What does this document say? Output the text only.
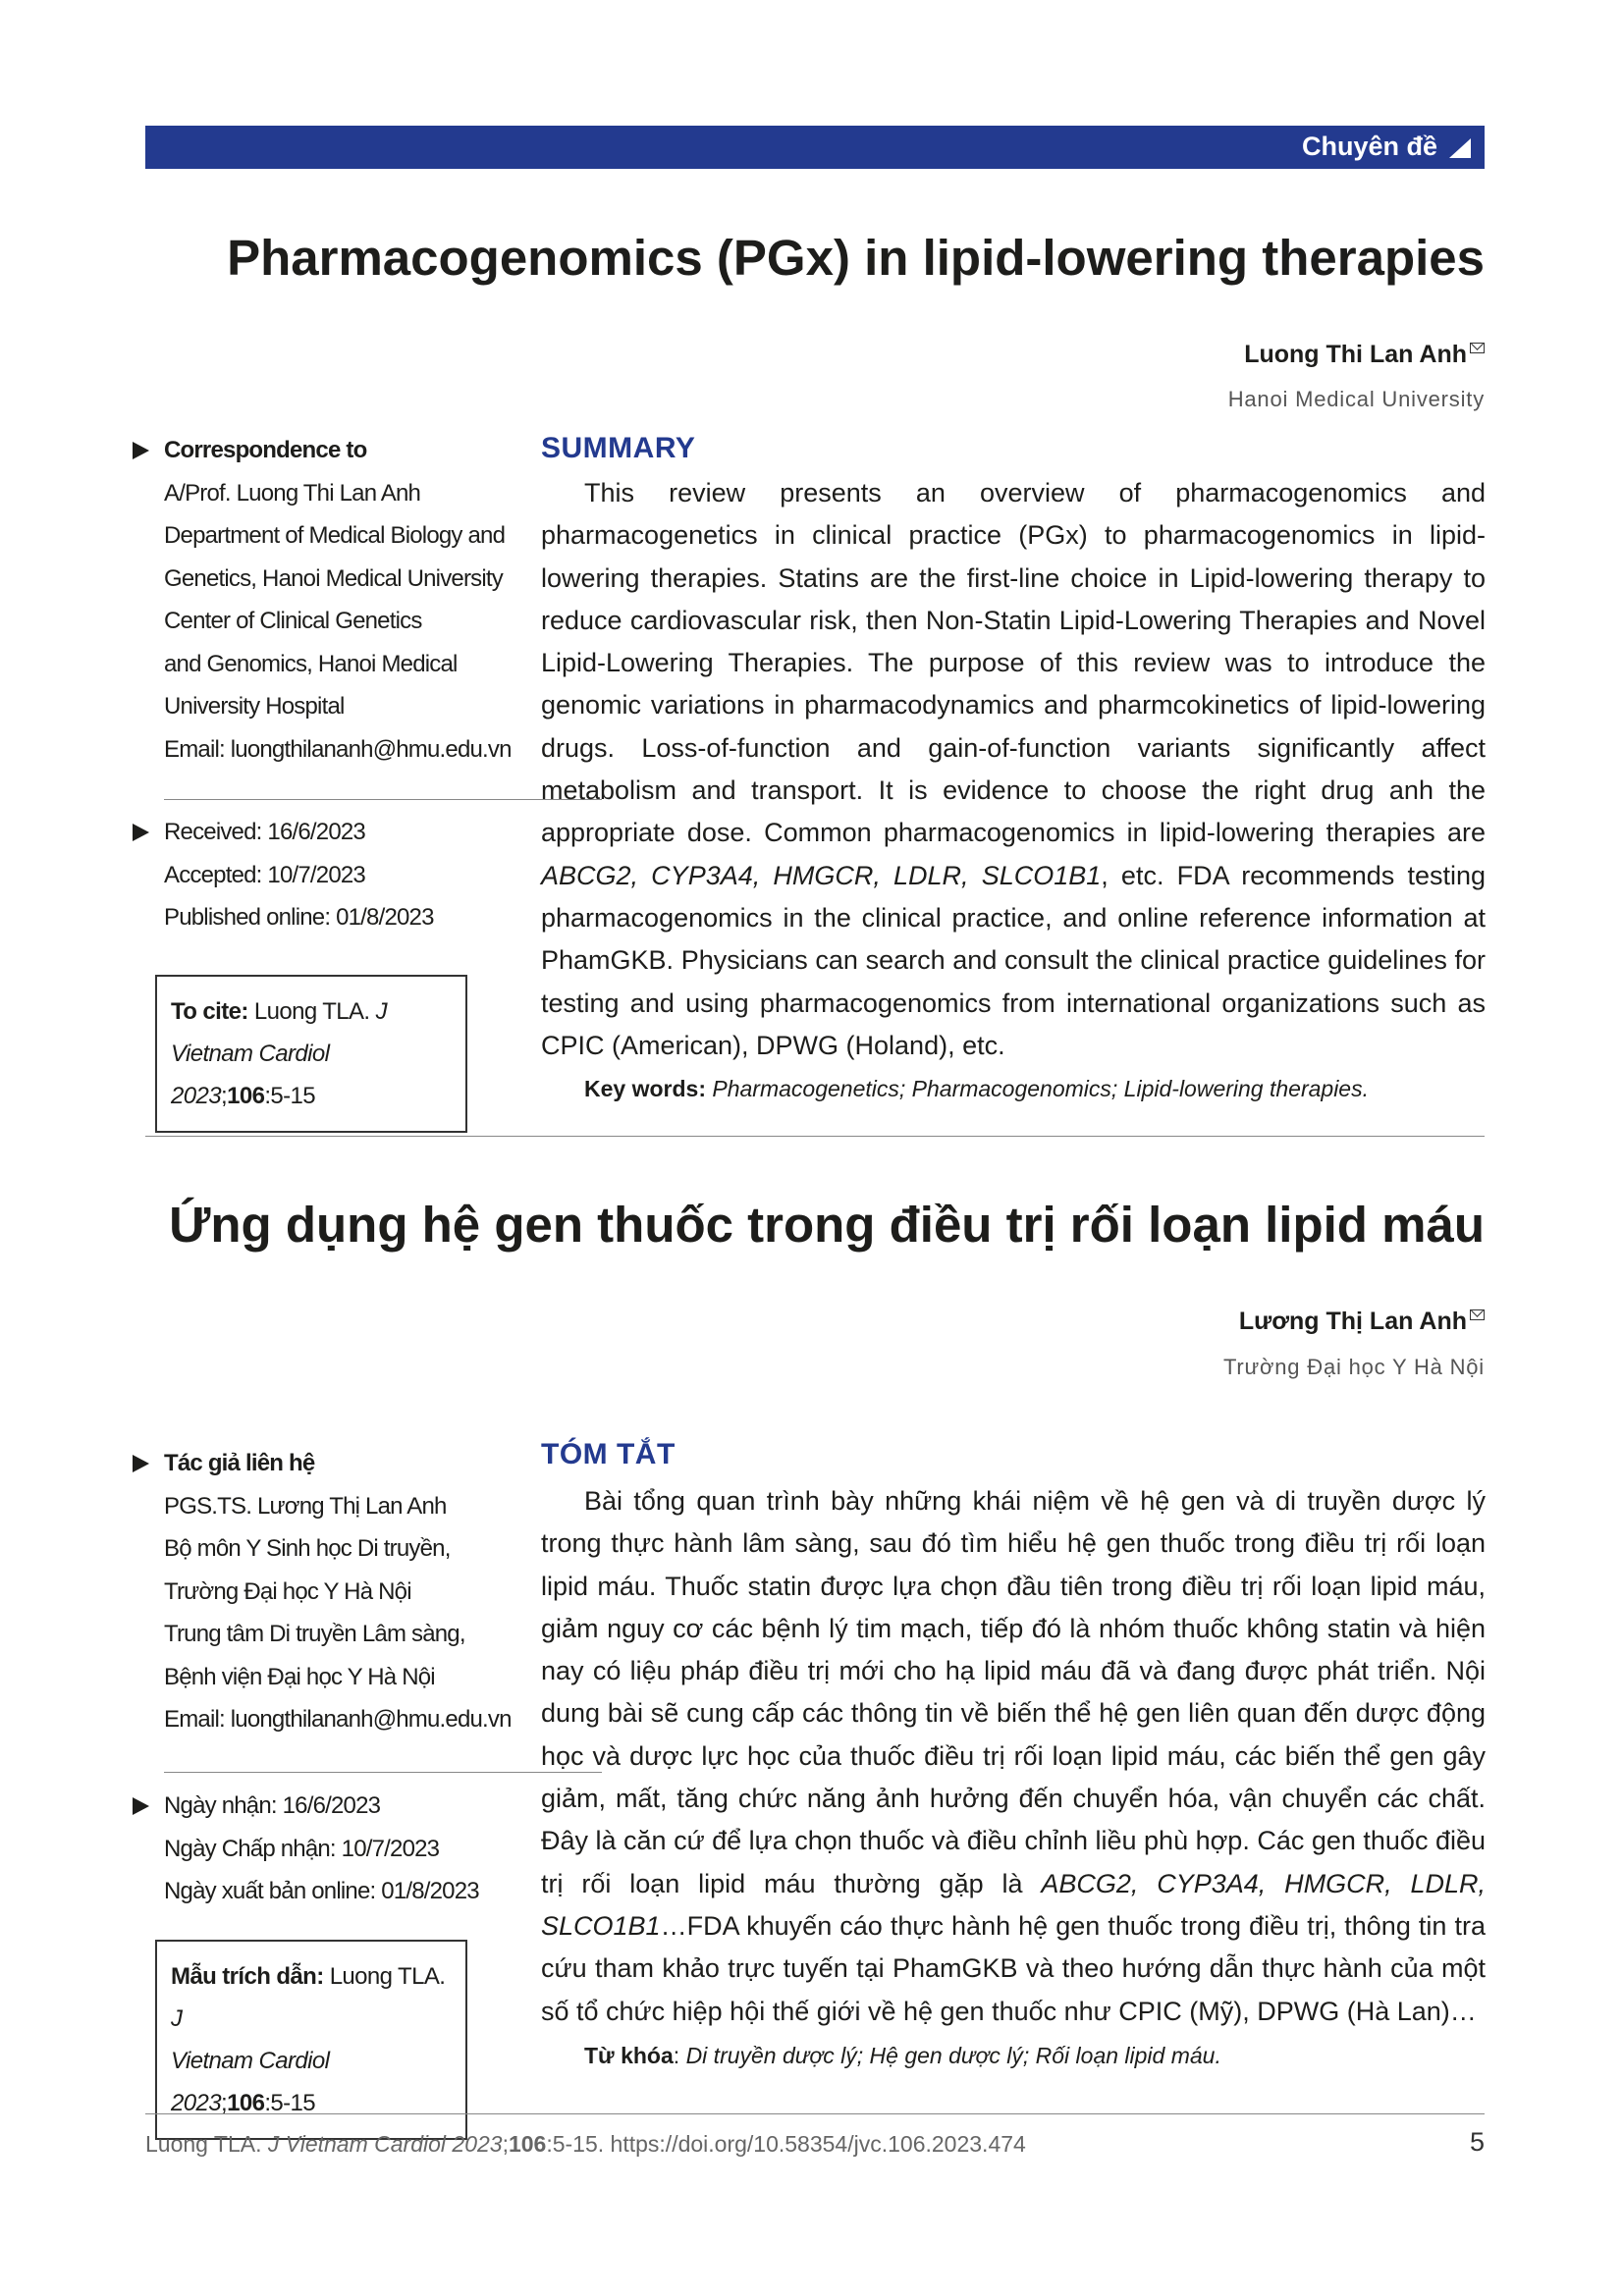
Chuyên đề
Pharmacogenomics (PGx) in lipid-lowering therapies
Luong Thi Lan Anh
Hanoi Medical University
Correspondence to
A/Prof. Luong Thi Lan Anh
Department of Medical Biology and
Genetics, Hanoi Medical University
Center of Clinical Genetics
and Genomics, Hanoi Medical
University Hospital
Email: luongthilananh@hmu.edu.vn
Received: 16/6/2023
Accepted: 10/7/2023
Published online: 01/8/2023
To cite: Luong TLA. J Vietnam Cardiol 2023;106:5-15
SUMMARY
This review presents an overview of pharmacogenomics and pharmacogenetics in clinical practice (PGx) to pharmacogenomics in lipid-lowering therapies. Statins are the first-line choice in Lipid-lowering therapy to reduce cardiovascular risk, then Non-Statin Lipid-Lowering Therapies and Novel Lipid-Lowering Therapies. The purpose of this review was to introduce the genomic variations in pharmacodynamics and pharmcokinetics of lipid-lowering drugs. Loss-of-function and gain-of-function variants significantly affect metabolism and transport. It is evidence to choose the right drug anh the appropriate dose. Common pharmacogenomics in lipid-lowering therapies are ABCG2, CYP3A4, HMGCR, LDLR, SLCO1B1, etc. FDA recommends testing pharmacogenomics in the clinical practice, and online reference information at PhamGKB. Physicians can search and consult the clinical practice guidelines for testing and using pharmacogenomics from international organizations such as CPIC (American), DPWG (Holand), etc.
Key words: Pharmacogenetics; Pharmacogenomics; Lipid-lowering therapies.
Ứng dụng hệ gen thuốc trong điều trị rối loạn lipid máu
Lương Thị Lan Anh
Trường Đại học Y Hà Nội
Tác giả liên hệ
PGS.TS. Lương Thị Lan Anh
Bộ môn Y Sinh học Di truyền,
Trường Đại học Y Hà Nội
Trung tâm Di truyền Lâm sàng,
Bệnh viện Đại học Y Hà Nội
Email: luongthilananh@hmu.edu.vn
Ngày nhận: 16/6/2023
Ngày Chấp nhận: 10/7/2023
Ngày xuất bản online: 01/8/2023
Mẫu trích dẫn: Luong TLA. J
Vietnam Cardiol 2023;106:5-15
TÓM TẮT
Bài tổng quan trình bày những khái niệm về hệ gen và di truyền dược lý trong thực hành lâm sàng, sau đó tìm hiểu hệ gen thuốc trong điều trị rối loạn lipid máu. Thuốc statin được lựa chọn đầu tiên trong điều trị rối loạn lipid máu, giảm nguy cơ các bệnh lý tim mạch, tiếp đó là nhóm thuốc không statin và hiện nay có liệu pháp điều trị mới cho hạ lipid máu đã và đang được phát triển. Nội dung bài sẽ cung cấp các thông tin về biến thể hệ gen liên quan đến dược động học và dược lực học của thuốc điều trị rối loạn lipid máu, các biến thể gen gây giảm, mất, tăng chức năng ảnh hưởng đến chuyển hóa, vận chuyển các chất. Đây là căn cứ để lựa chọn thuốc và điều chỉnh liều phù hợp. Các gen thuốc điều trị rối loạn lipid máu thường gặp là ABCG2, CYP3A4, HMGCR, LDLR, SLCO1B1…FDA khuyến cáo thực hành hệ gen thuốc trong điều trị, thông tin tra cứu tham khảo trực tuyến tại PhamGKB và theo hướng dẫn thực hành của một số tổ chức hiệp hội thế giới về hệ gen thuốc như CPIC (Mỹ), DPWG (Hà Lan)…
Từ khóa: Di truyền dược lý; Hệ gen dược lý; Rối loạn lipid máu.
Luong TLA. J Vietnam Cardiol 2023;106:5-15. https://doi.org/10.58354/jvc.106.2023.474	5
